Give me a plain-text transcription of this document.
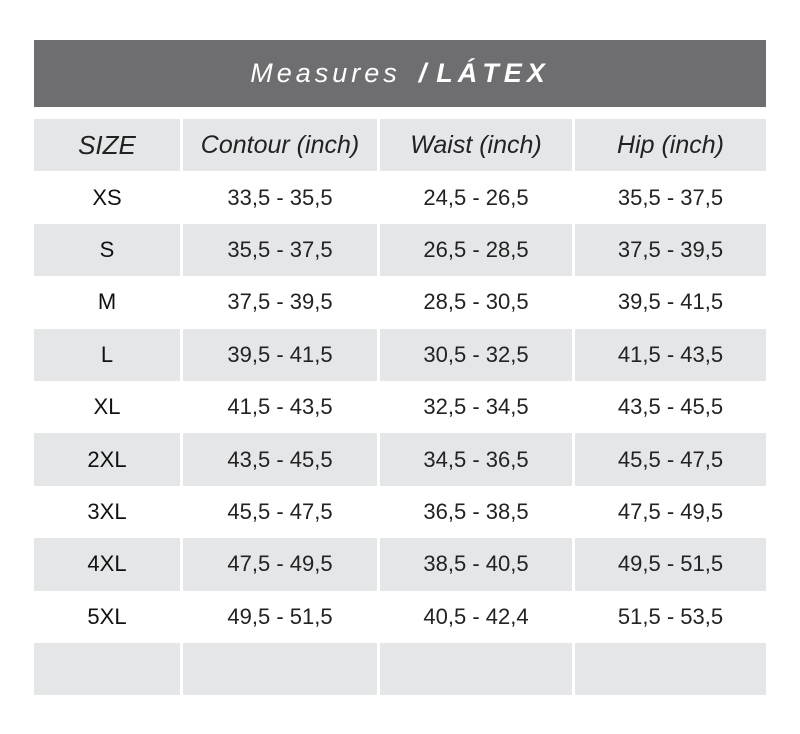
Measures / LÁTEX
SIZE	Contour (inch)	Waist (inch)	Hip (inch)
XS	33,5 - 35,5	24,5 - 26,5	35,5 - 37,5
S	35,5 - 37,5	26,5 - 28,5	37,5 - 39,5
M	37,5 - 39,5	28,5 - 30,5	39,5 - 41,5
L	39,5 - 41,5	30,5 - 32,5	41,5 - 43,5
XL	41,5 - 43,5	32,5 - 34,5	43,5 - 45,5
2XL	43,5 - 45,5	34,5 - 36,5	45,5 - 47,5
3XL	45,5 - 47,5	36,5 - 38,5	47,5 - 49,5
4XL	47,5 - 49,5	38,5 - 40,5	49,5 - 51,5
5XL	49,5 - 51,5	40,5 - 42,4	51,5 - 53,5
